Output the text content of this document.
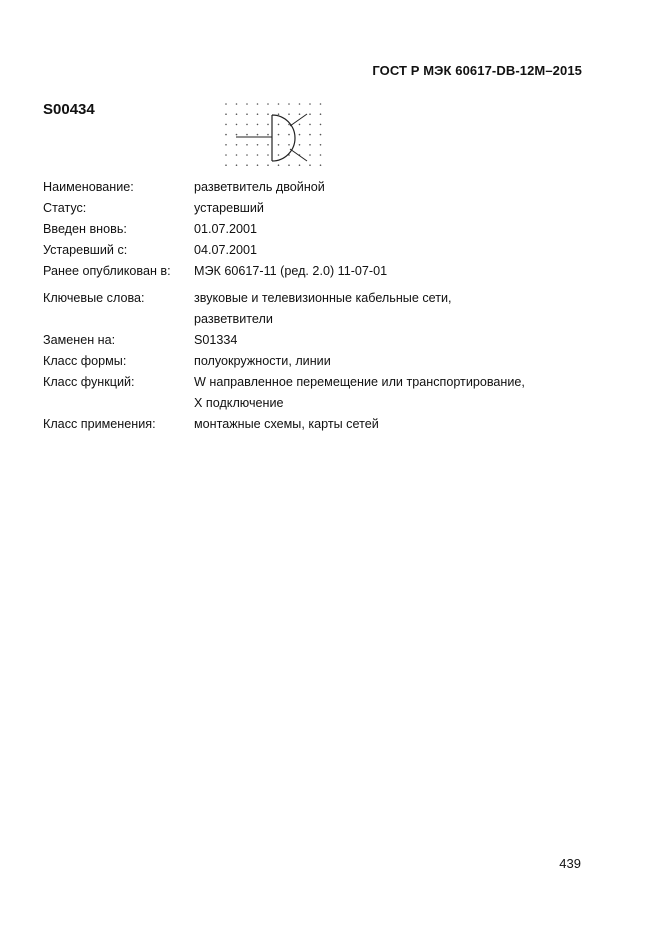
ГОСТ Р МЭК 60617-DB-12M–2015
S00434
Наименование:	разветвитель двойной
Статус:	устаревший
Введен вновь:	01.07.2001
Устаревший с:	04.07.2001
Ранее опубликован в:	МЭК 60617-11 (ред. 2.0) 11-07-01
Ключевые слова:	звуковые и телевизионные кабельные сети,
разветвители
Заменен на:	S01334
Класс формы:	полуокружности, линии
Класс функций:	W направленное перемещение или транспортирование,
X подключение
Класс применения:	монтажные схемы, карты сетей
439
